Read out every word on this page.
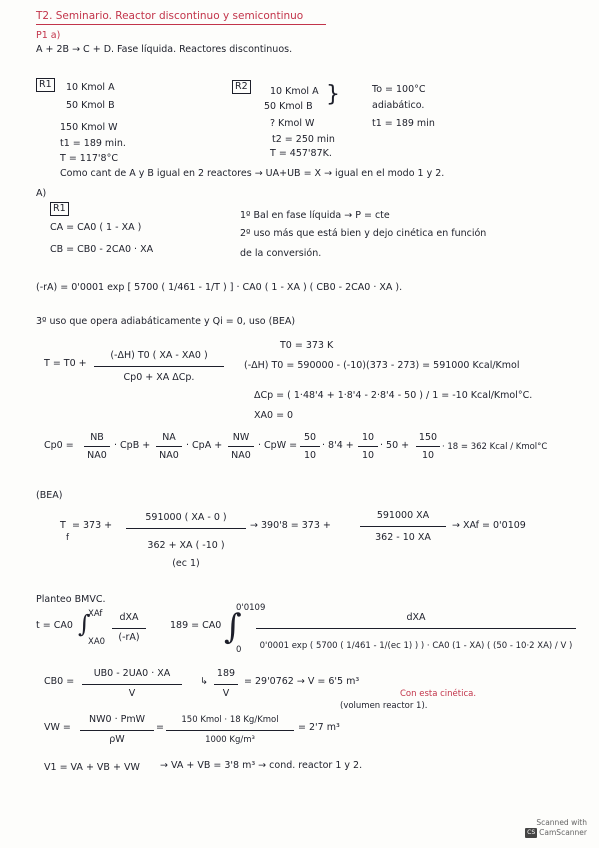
T2. Seminario. Reactor discontinuo y semicontinuo
P1 a)
A + 2B → C + D. Fase líquida. Reactores discontinuos.
R1	10 Kmol A
50 Kmol B
150 Kmol W
t1 = 189 min.
T = 117'8°C
R2	10 Kmol A
50 Kmol B }
? Kmol W
t2 = 250 min
T = 457'87K.
To = 100°C
adiabático.
t1 = 189 min
Como cant de A y B igual en 2 reactores → UA+UB = X → igual en el modo 1 y 2.
A)
R1
CA = CA0 ( 1 - XA )
CB = CB0 - 2CA0 · XA
1º Bal en fase líquida → P = cte
2º uso más que está bien y dejo cinética en función
de la conversión.
(-rA) = 0'0001 exp [ 5700 ( 1/461 - 1/T ) ] · CA0 ( 1 - XA ) ( CB0 - 2CA0 · XA ).
3º uso que opera adiabáticamente y Qi = 0, uso (BEA)
T = T0 +
(-ΔH) T0 ( XA - XA0 )
Cp0 + XA ΔCp.
T0 = 373 K
(-ΔH) T0 = 590000 - (-10)(373 - 273) = 591000 Kcal/Kmol
ΔCp = ( 1·48'4 + 1·8'4 - 2·8'4 - 50 ) / 1 = -10 Kcal/Kmol°C.
XA0 = 0
Cp0 =
NB
NA0
· CpB +
NA
NA0
· CpA +
NW
NA0
· CpW =
50
10
· 8'4 +
10
10
· 50 +
150
10
· 18 = 362 Kcal / Kmol°C
(BEA)
T
f
= 373 +
591000 ( XA - 0 )
362 + XA ( -10 )
(ec 1)
→ 390'8 = 373 +
591000 XA
362 - 10 XA
→ XAf = 0'0109
Planteo BMVC.
t = CA0 ∫
XAf
XA0
dXA
(-rA)
189 = CA0 ∫
0'0109
0
dXA
0'0001 exp ( 5700 ( 1/461 - 1/(ec 1) ) ) · CA0 (1 - XA) ( (50 - 10·2 XA) / V )
CB0 =
UB0 - 2UA0 · XA
V
↳
189
V
= 29'0762 → V = 6'5 m³
Con esta cinética.
(volumen reactor 1).
VW =
NW0 · PmW
ρW
=
150 Kmol · 18 Kg/Kmol
1000 Kg/m³
= 2'7 m³
V1 = VA + VB + VW → VA + VB = 3'8 m³ → cond. reactor 1 y 2.
Scanned with
CS CamScanner
